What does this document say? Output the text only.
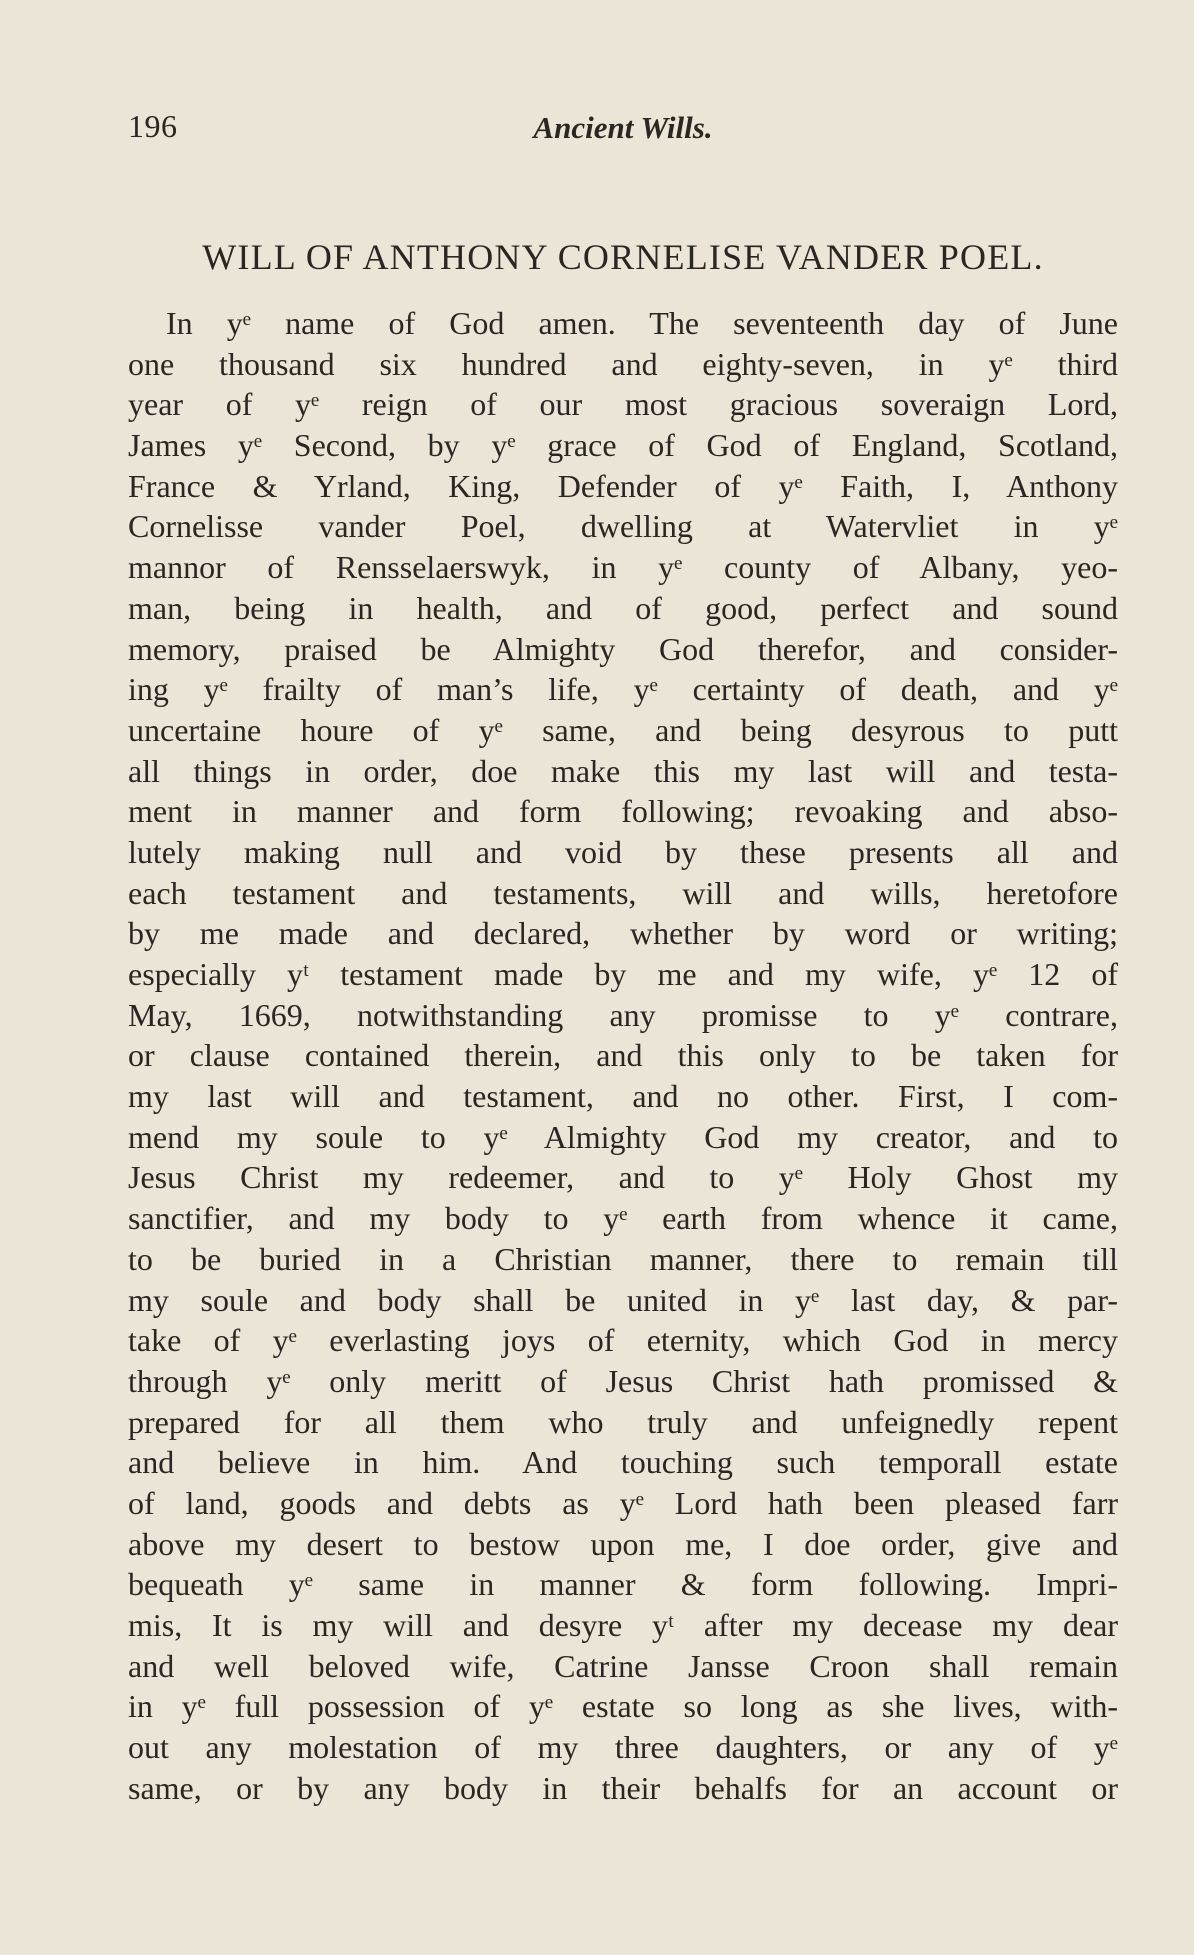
196	Ancient Wills.
WILL OF ANTHONY CORNELISE VANDER POEL.
In yᵉ name of God amen. The seventeenth day of June
one thousand six hundred and eighty-seven, in yᵉ third
year of yᵉ reign of our most gracious soveraign Lord,
James yᵉ Second, by yᵉ grace of God of England, Scotland,
France & Yrland, King, Defender of yᵉ Faith, I, Anthony
Cornelisse vander Poel, dwelling at Watervliet in yᵉ
mannor of Rensselaerswyk, in yᵉ county of Albany, yeo-
man, being in health, and of good, perfect and sound
memory, praised be Almighty God therefor, and consider-
ing yᵉ frailty of man’s life, yᵉ certainty of death, and yᵉ
uncertaine houre of yᵉ same, and being desyrous to putt
all things in order, doe make this my last will and testa-
ment in manner and form following; revoaking and abso-
lutely making null and void by these presents all and
each testament and testaments, will and wills, heretofore
by me made and declared, whether by word or writing;
especially yᵗ testament made by me and my wife, yᵉ 12 of
May, 1669, notwithstanding any promisse to yᵉ contrare,
or clause contained therein, and this only to be taken for
my last will and testament, and no other. First, I com-
mend my soule to yᵉ Almighty God my creator, and to
Jesus Christ my redeemer, and to yᵉ Holy Ghost my
sanctifier, and my body to yᵉ earth from whence it came,
to be buried in a Christian manner, there to remain till
my soule and body shall be united in yᵉ last day, & par-
take of yᵉ everlasting joys of eternity, which God in mercy
through yᵉ only meritt of Jesus Christ hath promissed &
prepared for all them who truly and unfeignedly repent
and believe in him. And touching such temporall estate
of land, goods and debts as yᵉ Lord hath been pleased farr
above my desert to bestow upon me, I doe order, give and
bequeath yᵉ same in manner & form following. Impri-
mis, It is my will and desyre yᵗ after my decease my dear
and well beloved wife, Catrine Jansse Croon shall remain
in yᵉ full possession of yᵉ estate so long as she lives, with-
out any molestation of my three daughters, or any of yᵉ
same, or by any body in their behalfs for an account or
